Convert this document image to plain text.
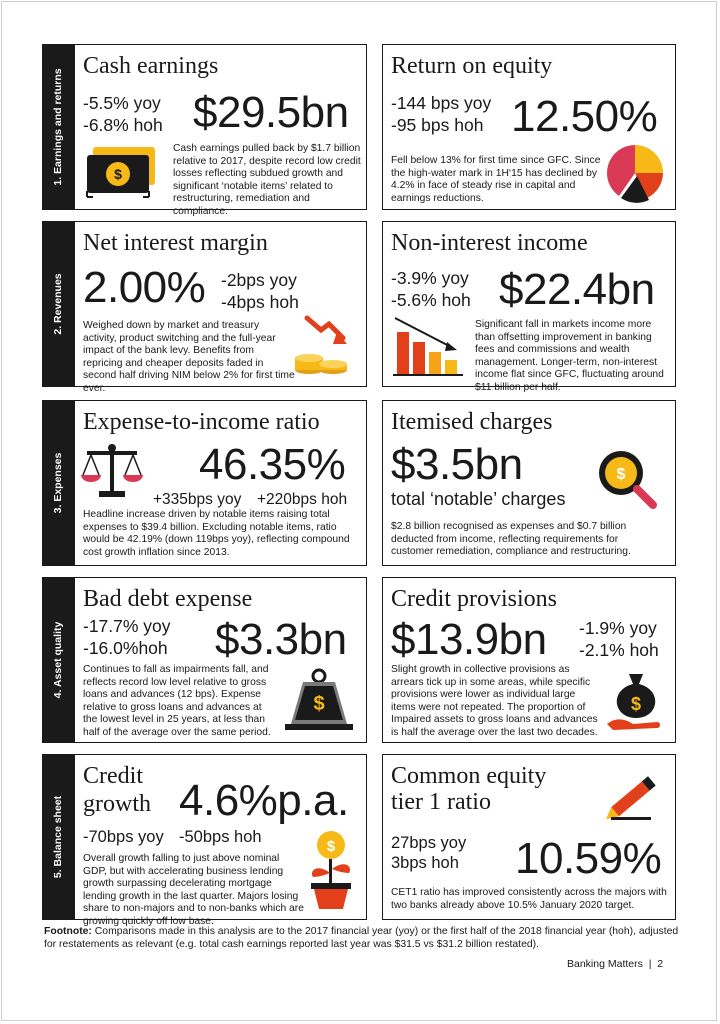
1. Earnings and returns
2. Revenues
3. Expenses
4. Asset quality
5. Balance sheet
Cash earnings
-5.5% yoy
-6.8% hoh $29.5bn
Cash earnings pulled back by $1.7 billion relative to 2017, despite record low credit losses reflecting subdued growth and significant ‘notable items’ related to restructuring, remediation and compliance.
$
Return on equity
-144 bps yoy
-95 bps hoh 12.50%
Fell below 13% for first time since GFC. Since the high-water mark in 1H‘15 has declined by 4.2% in face of steady rise in capital and earnings reductions.
Net interest margin
2.00% -2bps yoy
-4bps hoh
Weighed down by market and treasury activity, product switching and the full-year impact of the bank levy. Benefits from repricing and cheaper deposits faded in second half driving NIM below 2% for first time ever.
Non-interest income
-3.9% yoy
-5.6% hoh $22.4bn
Significant fall in markets income more than offsetting improvement in banking fees and commissions and wealth management. Longer-term, non-interest income flat since GFC, fluctuating around $11 billion per half.
Expense-to-income ratio
46.35%
+335bps yoy +220bps hoh
Headline increase driven by notable items raising total expenses to $39.4 billion. Excluding notable items, ratio would be 42.19% (down 119bps yoy), reflecting compound cost growth inflation since 2013.
Itemised charges
$3.5bn
total ‘notable’ charges
$2.8 billion recognised as expenses and $0.7 billion deducted from income, reflecting requirements for customer remediation, compliance and restructuring.
$
Bad debt expense
-17.7% yoy
-16.0%hoh $3.3bn
Continues to fall as impairments fall, and reflects record low level relative to gross loans and advances (12 bps). Expense relative to gross loans and advances at the lowest level in 25 years, at less than half of the average over the same period.
$
Credit provisions
$13.9bn -1.9% yoy
-2.1% hoh
Slight growth in collective provisions as arrears tick up in some areas, while specific provisions were lower as individual large items were not repeated. The proportion of Impaired assets to gross loans and advances is half the average over the last two decades.
$
Credit
growth 4.6%p.a.
-70bps yoy -50bps hoh
Overall growth falling to just above nominal GDP, but with accelerating business lending growth surpassing decelerating mortgage lending growth in the last quarter. Majors losing share to non-majors and to non-banks which are growing quickly off low base.
$
Common equity
tier 1 ratio
27bps yoy
3bps hoh 10.59%
CET1 ratio has improved consistently across the majors with two banks already above 10.5% January 2020 target.
Footnote: Comparisons made in this analysis are to the 2017 financial year (yoy) or the first half of the 2018 financial year (hoh), adjusted for restatements as relevant (e.g. total cash earnings reported last year was $31.5 vs $31.2 billion restated).
Banking Matters | 2
